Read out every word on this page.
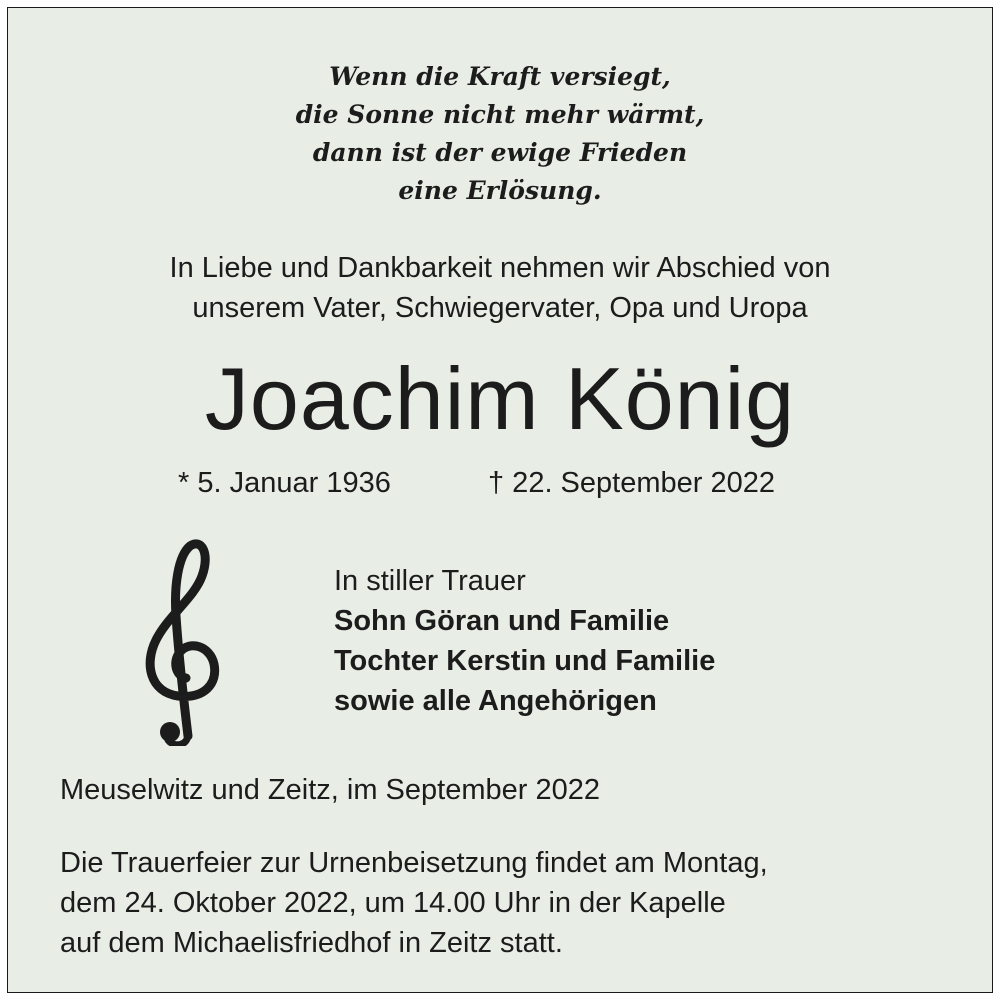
Wenn die Kraft versiegt,
die Sonne nicht mehr wärmt,
dann ist der ewige Frieden
eine Erlösung.
In Liebe und Dankbarkeit nehmen wir Abschied von
unserem Vater, Schwiegervater, Opa und Uropa
Joachim König
* 5. Januar 1936	† 22. September 2022
In stiller Trauer
Sohn Göran und Familie
Tochter Kerstin und Familie
sowie alle Angehörigen
Meuselwitz und Zeitz, im September 2022
Die Trauerfeier zur Urnenbeisetzung findet am Montag,
dem 24. Oktober 2022, um 14.00 Uhr in der Kapelle
auf dem Michaelisfriedhof in Zeitz statt.
